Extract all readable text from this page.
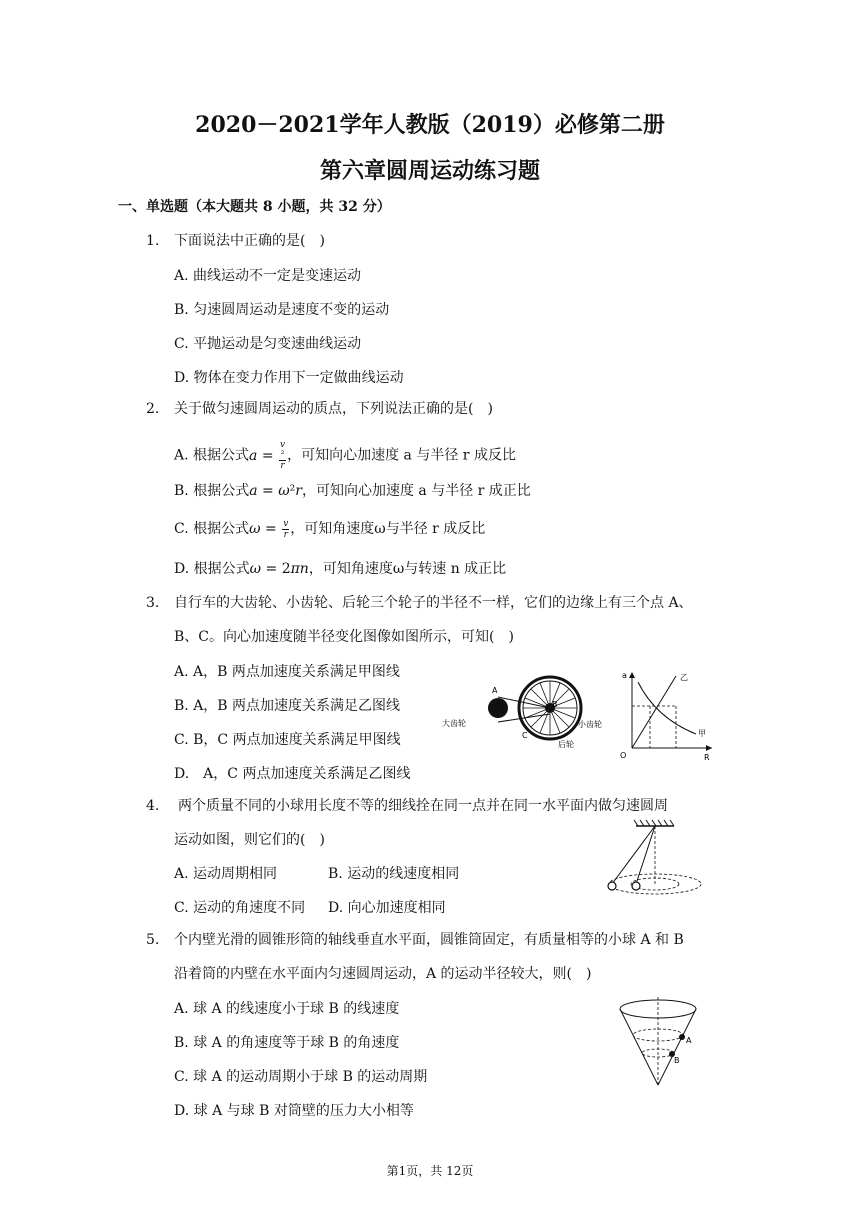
2020－2021学年人教版（2019）必修第二册
第六章圆周运动练习题
一、单选题（本大题共 8 小题，共 32 分）
1. 下面说法中正确的是(　)
A. 曲线运动不一定是变速运动
B. 匀速圆周运动是速度不变的运动
C. 平抛运动是匀变速曲线运动
D. 物体在变力作用下一定做曲线运动
2. 关于做匀速圆周运动的质点，下列说法正确的是(　)
A. 根据公式a = v
²
r ，可知向心加速度 a 与半径 r 成反比
B. 根据公式a = ω²r，可知向心加速度 a 与半径 r 成正比
C. 根据公式$\omega = \frac{v}{r}$ ，可知角速度ω与半径 r 成反比
D. 根据公式ω = 2πn，可知角速度ω与转速 n 成正比
3. 自行车的大齿轮、小齿轮、后轮三个轮子的半径不一样，它们的边缘上有三个点 A、
B、C。向心加速度随半径变化图像如图所示，可知(　)
A. A，B 两点加速度关系满足甲图线
B. A，B 两点加速度关系满足乙图线
C. B，C 两点加速度关系满足甲图线
D.　A，C 两点加速度关系满足乙图线
A
B
C
大齿轮	小齿轮
后轮
a
R
O
乙
甲
4. 两个质量不同的小球用长度不等的细线拴在同一点并在同一水平面内做匀速圆周
运动如图，则它们的(　)
A. 运动周期相同	B. 运动的线速度相同
C. 运动的角速度不同 D. 向心加速度相同
5. 个内壁光滑的圆锥形筒的轴线垂直水平面，圆锥筒固定，有质量相等的小球 A 和 B
沿着筒的内壁在水平面内匀速圆周运动，A 的运动半径较大，则(　)
A. 球 A 的线速度小于球 B 的线速度
B. 球 A 的角速度等于球 B 的角速度
C. 球 A 的运动周期小于球 B 的运动周期
D. 球 A 与球 B 对筒壁的压力大小相等
A
B
第1页，共 12页
